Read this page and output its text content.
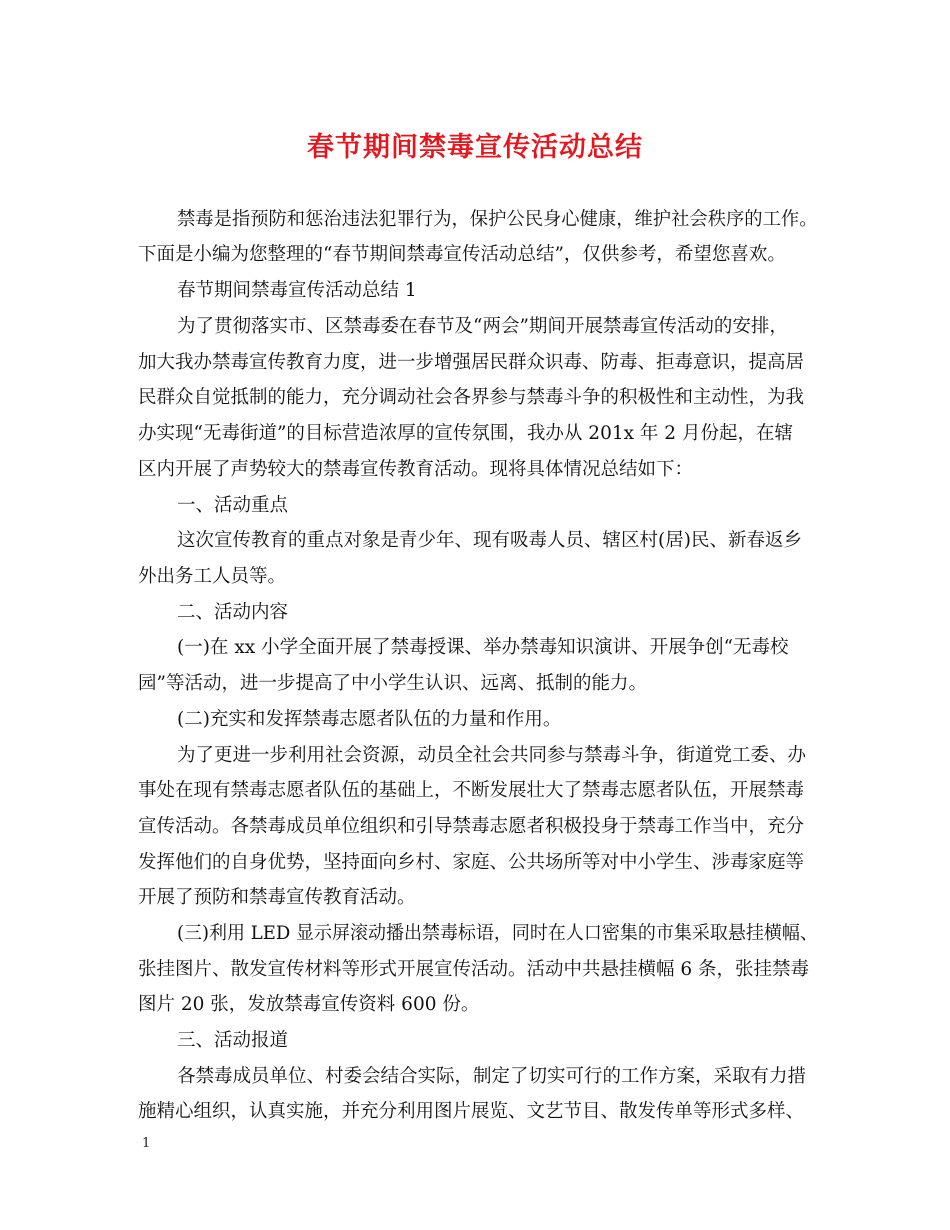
春节期间禁毒宣传活动总结
禁毒是指预防和惩治违法犯罪行为，保护公民身心健康，维护社会秩序的工作。
下面是小编为您整理的“春节期间禁毒宣传活动总结”，仅供参考，希望您喜欢。
春节期间禁毒宣传活动总结 1
为了贯彻落实市、区禁毒委在春节及“两会”期间开展禁毒宣传活动的安排，
加大我办禁毒宣传教育力度，进一步增强居民群众识毒、防毒、拒毒意识，提高居
民群众自觉抵制的能力，充分调动社会各界参与禁毒斗争的积极性和主动性，为我
办实现“无毒街道”的目标营造浓厚的宣传氛围，我办从 201x 年 2 月份起，在辖
区内开展了声势较大的禁毒宣传教育活动。现将具体情况总结如下：
一、活动重点
这次宣传教育的重点对象是青少年、现有吸毒人员、辖区村(居)民、新春返乡
外出务工人员等。
二、活动内容
(一)在 xx 小学全面开展了禁毒授课、举办禁毒知识演讲、开展争创“无毒校
园”等活动，进一步提高了中小学生认识、远离、抵制的能力。
(二)充实和发挥禁毒志愿者队伍的力量和作用。
为了更进一步利用社会资源，动员全社会共同参与禁毒斗争，街道党工委、办
事处在现有禁毒志愿者队伍的基础上，不断发展壮大了禁毒志愿者队伍，开展禁毒
宣传活动。各禁毒成员单位组织和引导禁毒志愿者积极投身于禁毒工作当中，充分
发挥他们的自身优势，坚持面向乡村、家庭、公共场所等对中小学生、涉毒家庭等
开展了预防和禁毒宣传教育活动。
(三)利用 LED 显示屏滚动播出禁毒标语，同时在人口密集的市集采取悬挂横幅、
张挂图片、散发宣传材料等形式开展宣传活动。活动中共悬挂横幅 6 条，张挂禁毒
图片 20 张，发放禁毒宣传资料 600 份。
三、活动报道
各禁毒成员单位、村委会结合实际，制定了切实可行的工作方案，采取有力措
施精心组织，认真实施，并充分利用图片展览、文艺节目、散发传单等形式多样、
1
